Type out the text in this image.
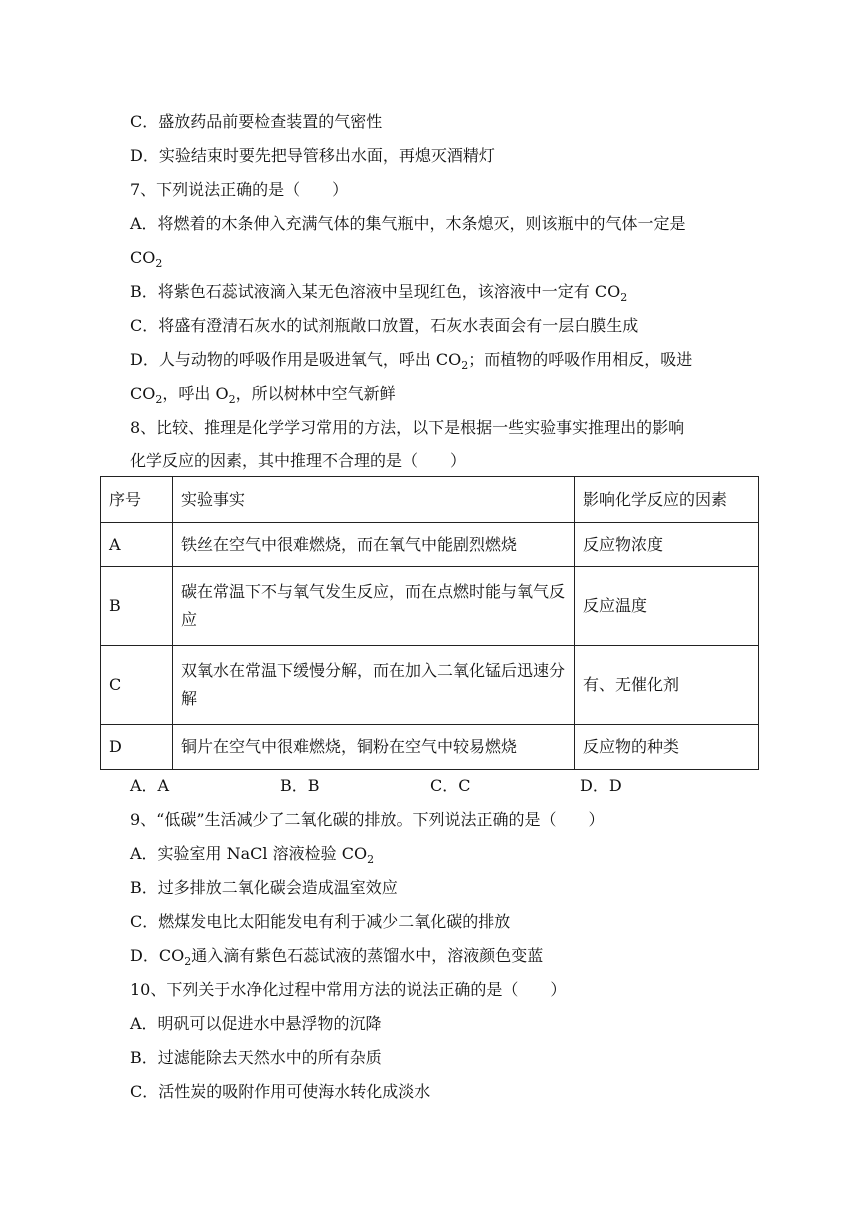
C．盛放药品前要检查装置的气密性
D．实验结束时要先把导管移出水面，再熄灭酒精灯
7、下列说法正确的是（　　）
A．将燃着的木条伸入充满气体的集气瓶中，木条熄灭，则该瓶中的气体一定是
$CO_2$
B．将紫色石蕊试液滴入某无色溶液中呈现红色，该溶液中一定有 $CO_2$
C．将盛有澄清石灰水的试剂瓶敞口放置，石灰水表面会有一层白膜生成
D．人与动物的呼吸作用是吸进氧气，呼出 $CO_2$；而植物的呼吸作用相反，吸进
$CO_2$，呼出 $O_2$，所以树林中空气新鲜
8、比较、推理是化学学习常用的方法，以下是根据一些实验事实推理出的影响
化学反应的因素，其中推理不合理的是（　　）
序号	实验事实	影响化学反应的因素
A	铁丝在空气中很难燃烧，而在氧气中能剧烈燃烧	反应物浓度
B	碳在常温下不与氧气发生反应，而在点燃时能与氧气反应	反应温度
C	双氧水在常温下缓慢分解，而在加入二氧化锰后迅速分解	有、无催化剂
D	铜片在空气中很难燃烧，铜粉在空气中较易燃烧	反应物的种类
A．A	B．B	C．C	D．D
9、“低碳”生活减少了二氧化碳的排放。下列说法正确的是（　　）
A．实验室用 NaCl 溶液检验 $CO_2$
B．过多排放二氧化碳会造成温室效应
C．燃煤发电比太阳能发电有利于减少二氧化碳的排放
D．$CO_2$通入滴有紫色石蕊试液的蒸馏水中，溶液颜色变蓝
10、下列关于水净化过程中常用方法的说法正确的是（　　）
A．明矾可以促进水中悬浮物的沉降
B．过滤能除去天然水中的所有杂质
C．活性炭的吸附作用可使海水转化成淡水
